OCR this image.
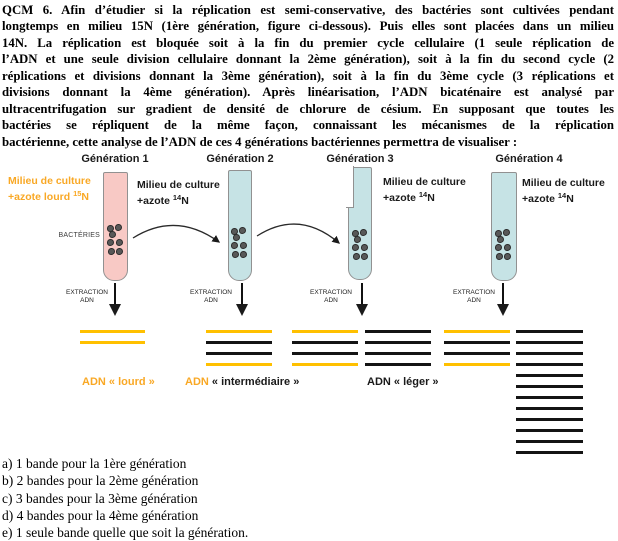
QCM 6. Afin d’étudier si la réplication est semi-conservative, des bactéries sont cultivées pendant
longtemps en milieu 15N (1ère génération, figure ci-dessous). Puis elles sont placées dans un milieu
14N. La réplication est bloquée soit à la fin du premier cycle cellulaire (1 seule réplication de
l’ADN et une seule division cellulaire donnant la 2ème génération), soit à la fin du second cycle (2
réplications et divisions donnant la 3ème génération), soit à la fin du 3ème cycle (3 réplications et
divisions donnant la 4ème génération). Après linéarisation, l’ADN bicaténaire est analysé par
ultracentrifugation sur gradient de densité de chlorure de césium. En supposant que toutes les
bactéries se répliquent de la même façon, connaissant les mécanismes de la réplication
bactérienne, cette analyse de l’ADN de ces 4 générations bactériennes permettra de visualiser :
Génération 1	Génération 2	Génération 3	Génération 4
Milieu de culture
+azote lourd $^{15}$N
Milieu de culture
+azote $^{14}$N
Milieu de culture
+azote $^{14}$N
Milieu de culture
+azote $^{14}$N
BACTÉRIES
EXTRACTION
ADN
EXTRACTION
ADN
EXTRACTION
ADN
EXTRACTION
ADN
ADN « lourd »	ADN « intermédiaire »	ADN « léger »
a) 1 bande pour la 1ère génération
b) 2 bandes pour la 2ème génération
c) 3 bandes pour la 3ème génération
d) 4 bandes pour la 4ème génération
e) 1 seule bande quelle que soit la génération.
